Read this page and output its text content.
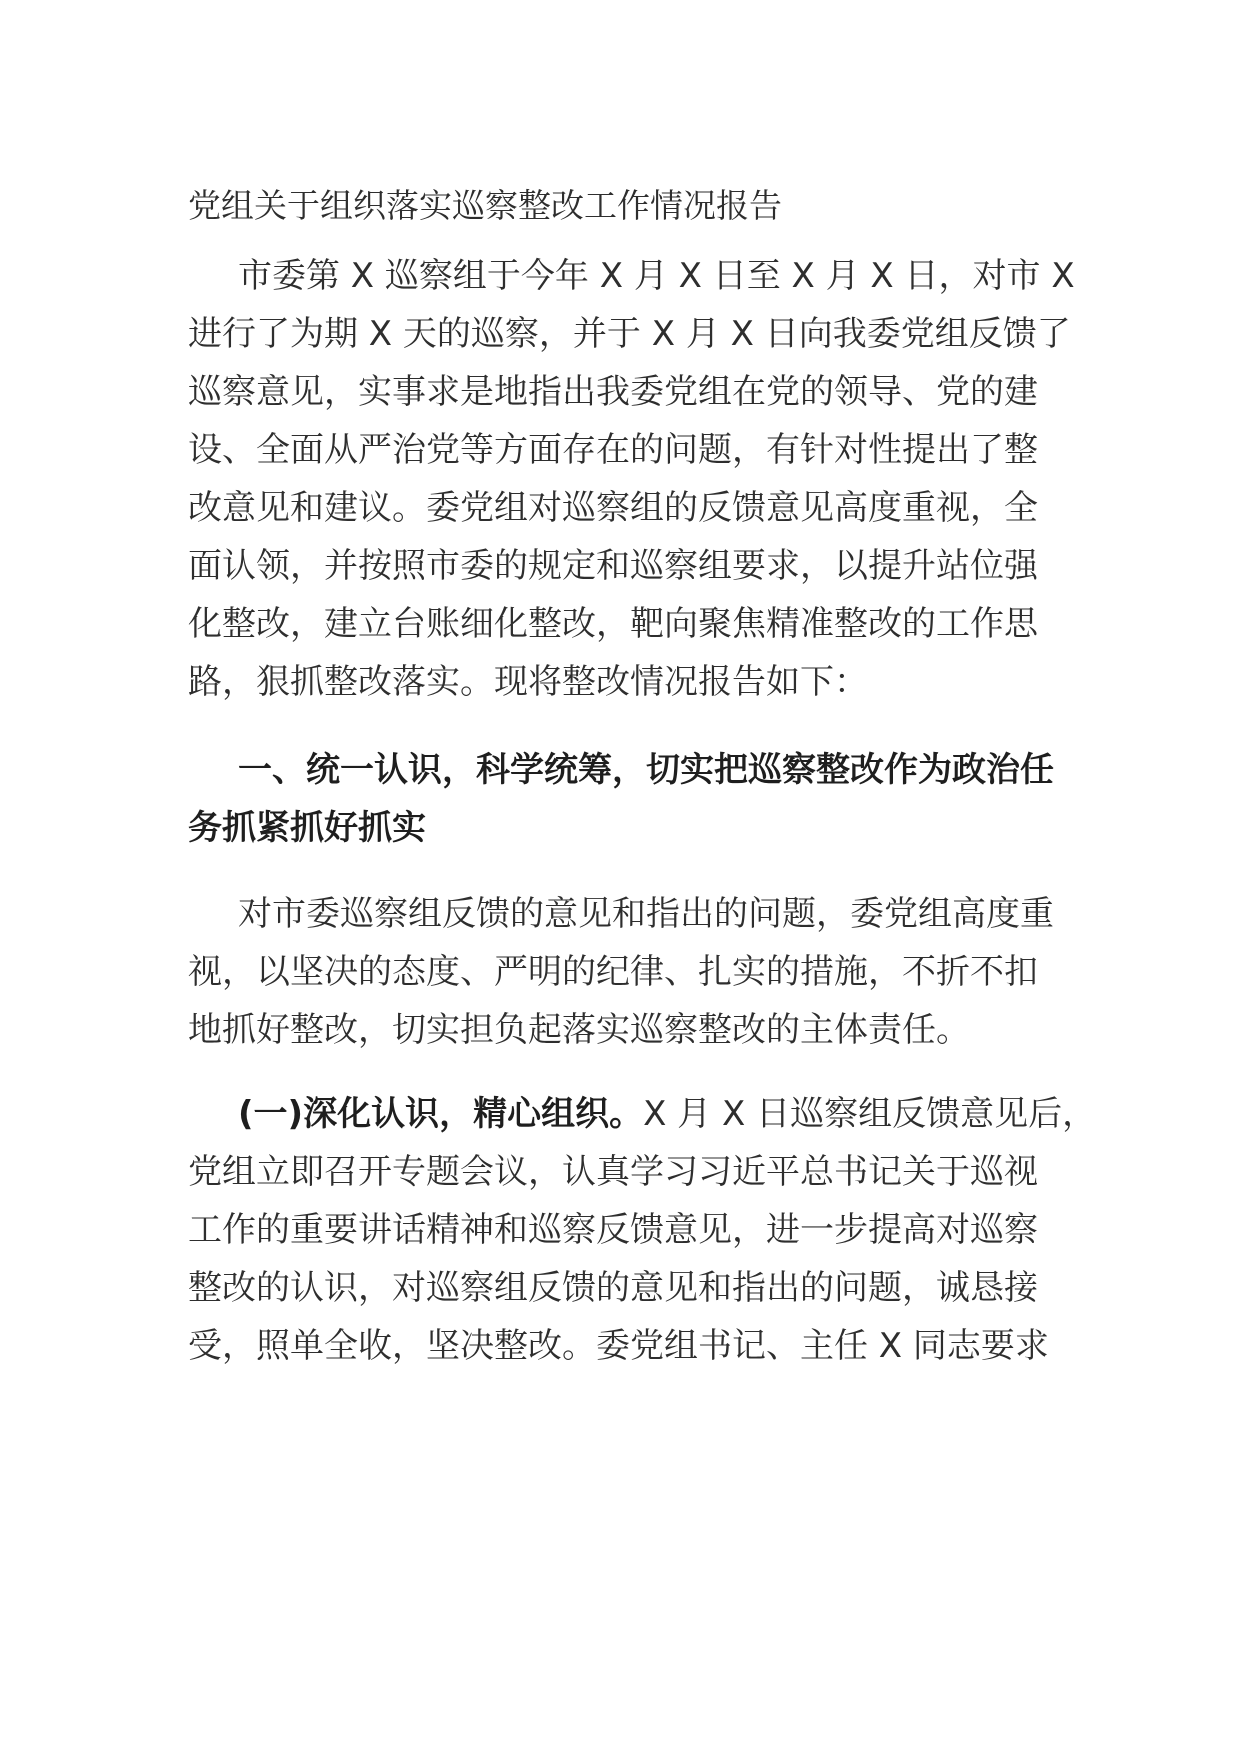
党组关于组织落实巡察整改工作情况报告
市委第 X 巡察组于今年 X 月 X 日至 X 月 X 日，对市 X
进行了为期 X 天的巡察，并于 X 月 X 日向我委党组反馈了
巡察意见，实事求是地指出我委党组在党的领导、党的建
设、全面从严治党等方面存在的问题，有针对性提出了整
改意见和建议。委党组对巡察组的反馈意见高度重视，全
面认领，并按照市委的规定和巡察组要求，以提升站位强
化整改，建立台账细化整改，靶向聚焦精准整改的工作思
路，狠抓整改落实。现将整改情况报告如下：
一、统一认识，科学统筹，切实把巡察整改作为政治任
务抓紧抓好抓实
对市委巡察组反馈的意见和指出的问题，委党组高度重
视，以坚决的态度、严明的纪律、扎实的措施，不折不扣
地抓好整改，切实担负起落实巡察整改的主体责任。
(一)深化认识，精心组织。X 月 X 日巡察组反馈意见后，
党组立即召开专题会议，认真学习习近平总书记关于巡视
工作的重要讲话精神和巡察反馈意见，进一步提高对巡察
整改的认识，对巡察组反馈的意见和指出的问题，诚恳接
受，照单全收，坚决整改。委党组书记、主任 X 同志要求
